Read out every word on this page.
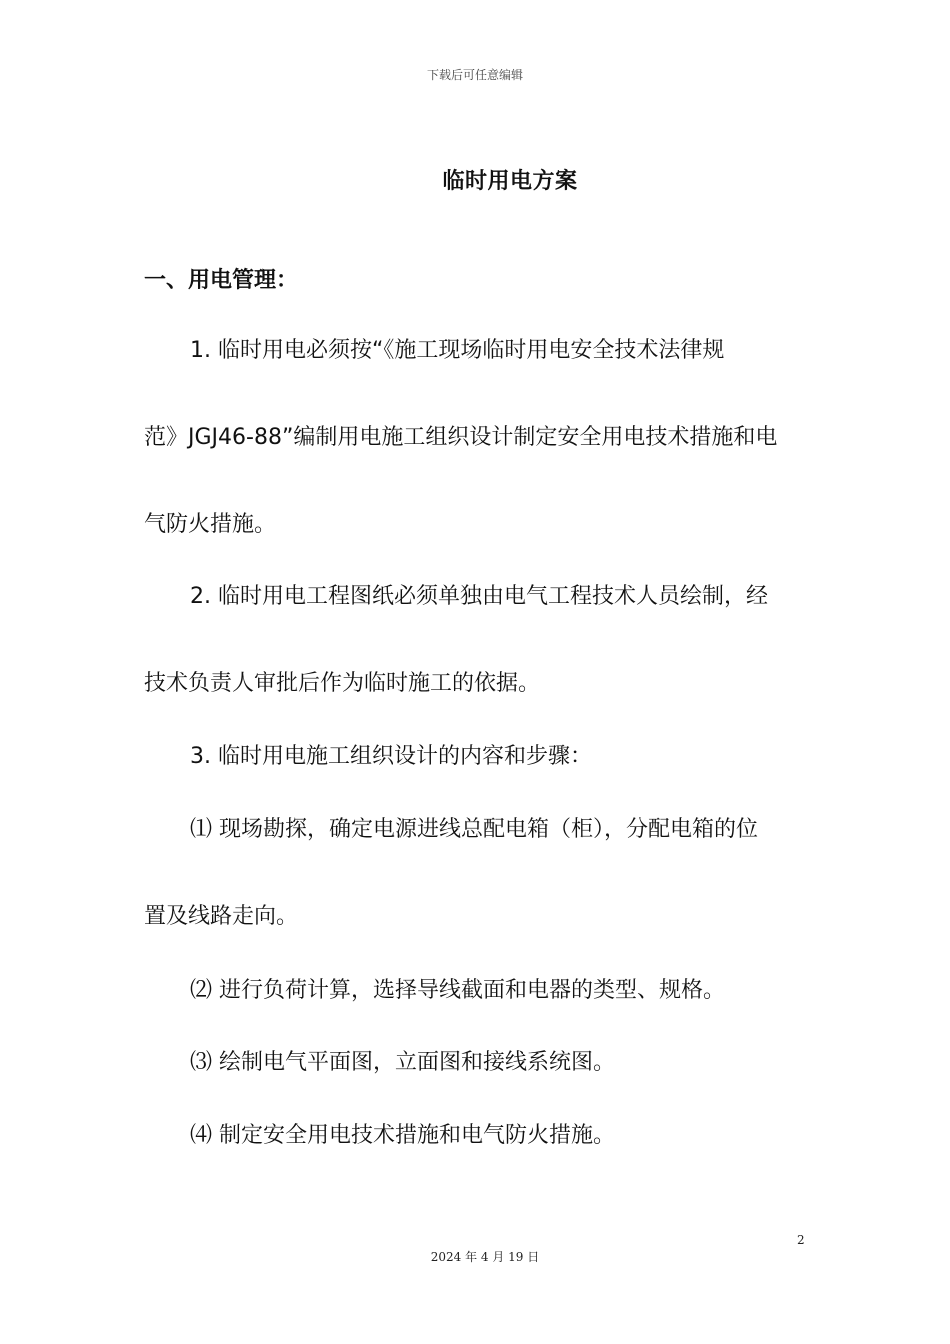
下载后可任意编辑
临时用电方案
一、用电管理：
1. 临时用电必须按“《施工现场临时用电安全技术法律规
范》JGJ46-88”编制用电施工组织设计制定安全用电技术措施和电
气防火措施。
2. 临时用电工程图纸必须单独由电气工程技术人员绘制，经
技术负责人审批后作为临时施工的依据。
3. 临时用电施工组织设计的内容和步骤：
⑴ 现场勘探，确定电源进线总配电箱（柜），分配电箱的位
置及线路走向。
⑵ 进行负荷计算，选择导线截面和电器的类型、规格。
⑶ 绘制电气平面图，立面图和接线系统图。
⑷ 制定安全用电技术措施和电气防火措施。
2
2024 年 4 月 19 日
